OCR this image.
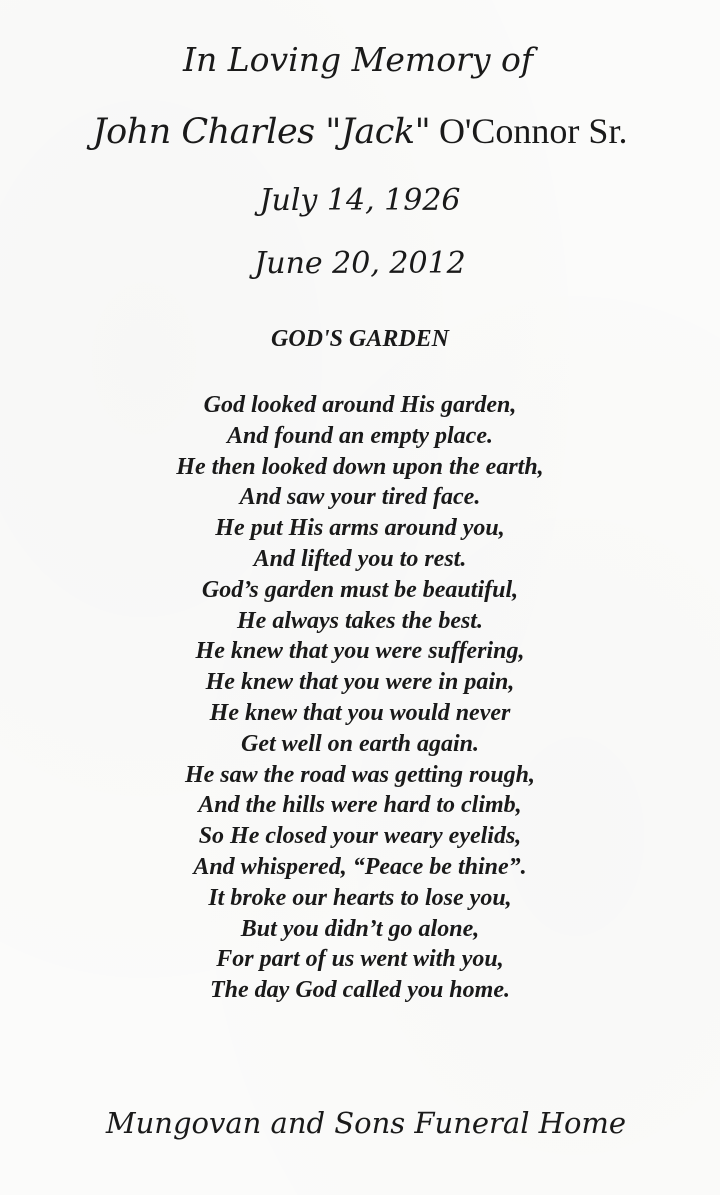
In Loving Memory of
John Charles "Jack" O'Connor Sr.
July 14, 1926
June 20, 2012
GOD'S GARDEN
God looked around His garden,
And found an empty place.
He then looked down upon the earth,
And saw your tired face.
He put His arms around you,
And lifted you to rest.
God’s garden must be beautiful,
He always takes the best.
He knew that you were suffering,
He knew that you were in pain,
He knew that you would never
Get well on earth again.
He saw the road was getting rough,
And the hills were hard to climb,
So He closed your weary eyelids,
And whispered, “Peace be thine”.
It broke our hearts to lose you,
But you didn’t go alone,
For part of us went with you,
The day God called you home.
Mungovan and Sons Funeral Home
